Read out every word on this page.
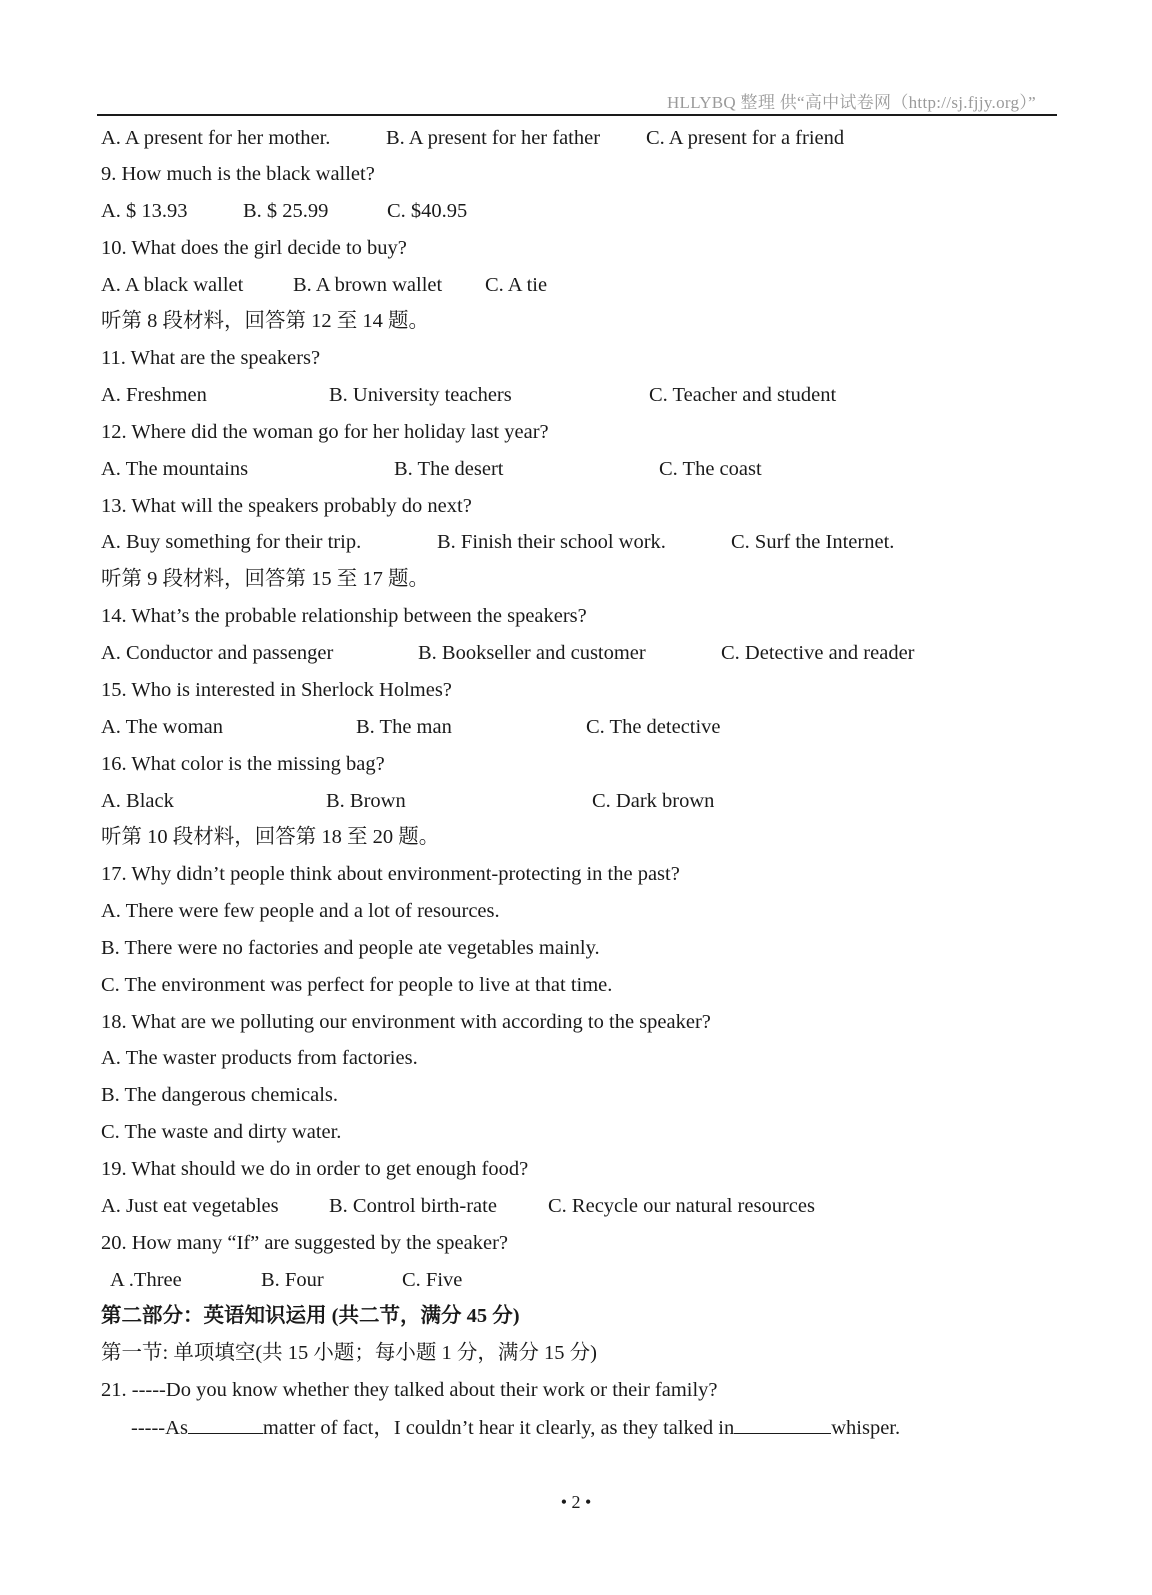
HLLYBQ 整理 供“高中试卷网（http://sj.fjjy.org）”
A. A present for her mother.	B. A present for her father C. A present for a friend
9. How much is the black wallet?
A. $ 13.93	B. $ 25.99	C. $40.95
10. What does the girl decide to buy?
A. A black wallet B. A brown wallet C. A tie
听第 8 段材料，回答第 12 至 14 题。
11. What are the speakers?
A. Freshmen	B. University teachers	C. Teacher and student
12. Where did the woman go for her holiday last year?
A. The mountains	B. The desert	C. The coast
13. What will the speakers probably do next?
A. Buy something for their trip.	B. Finish their school work.	C. Surf the Internet.
听第 9 段材料，回答第 15 至 17 题。
14. What’s the probable relationship between the speakers?
A. Conductor and passenger	B. Bookseller and customer	C. Detective and reader
15. Who is interested in Sherlock Holmes?
A. The woman	B. The man	C. The detective
16. What color is the missing bag?
A. Black	B. Brown	C. Dark brown
听第 10 段材料，回答第 18 至 20 题。
17. Why didn’t people think about environment-protecting in the past?
A. There were few people and a lot of resources.
B. There were no factories and people ate vegetables mainly.
C. The environment was perfect for people to live at that time.
18. What are we polluting our environment with according to the speaker?
A. The waster products from factories.
B. The dangerous chemicals.
C. The waste and dirty water.
19. What should we do in order to get enough food?
A. Just eat vegetables B. Control birth-rate C. Recycle our natural resources
20. How many “If” are suggested by the speaker?
A .Three	B. Four	C. Five
第二部分：英语知识运用 (共二节，满分 45 分)
第一节: 单项填空(共 15 小题；每小题 1 分，满分 15 分)
21. -----Do you know whether they talked about their work or their family?
-----As	matter of fact，I couldn’t hear it clearly, as they talked in	whisper.
• 2 •
